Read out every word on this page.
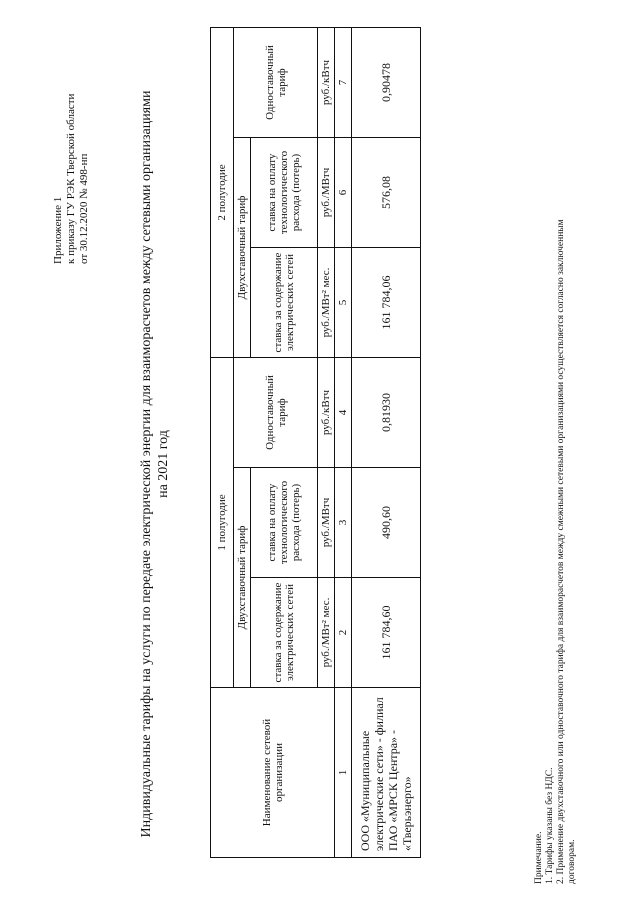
Приложение 1 к приказу ГУ РЭК Тверской области от 30.12.2020 № 498-нп	Индивидуальные тарифы на услуги по передаче электрической энергии для взаиморасчетов между сетевыми организациями на 2021 год
Наименование сетевой организации	1 полугодие			2 полугодие		
	Двухставочный тариф		Одноставочный тариф	Двухставочный тариф		Одноставочный тариф
	ставка за содержание электрических сетей	ставка на оплату технологического расхода (потерь)		ставка за содержание электрических сетей	ставка на оплату технологического расхода (потерь)	
	руб./МВт² мес.	руб./МВтч	руб./кВтч	руб./МВт² мес.	руб./МВтч	руб./кВтч
1	2	3	4	5	6	7
ООО «Муниципальные электрические сети» - филиал ПАО «МРСК Центра» - «Тверьэнерго»	161 784,60	490,60	0,81930	161 784,06	576,08	0,90478
Примечание. 1. Тарифы указаны без НДС. 2. Применение двухставочного или одноставочного тарифа для взаиморасчетов между смежными сетевыми организациями осуществляется согласно заключенным договорам.
